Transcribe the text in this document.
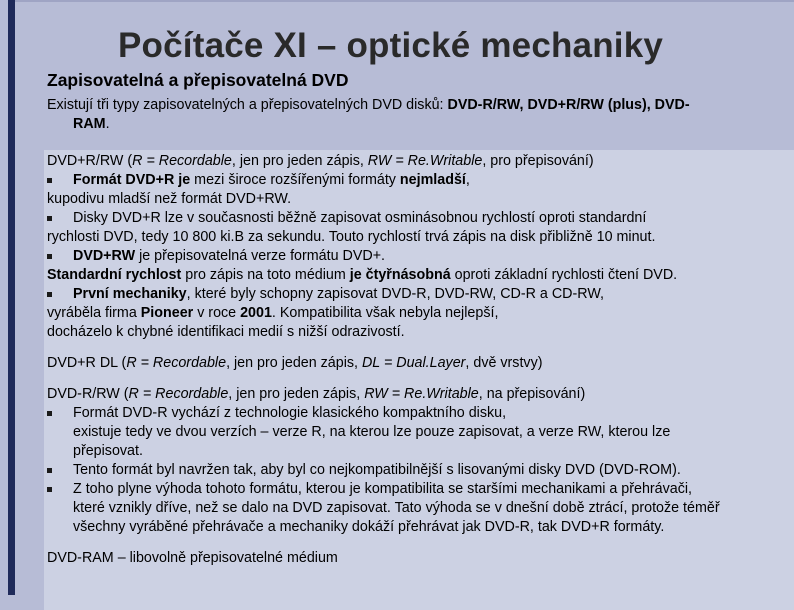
Počítače XI – optické mechaniky
Zapisovatelná a přepisovatelná DVD
Existují tři typy zapisovatelných a přepisovatelných DVD disků: DVD-R/RW, DVD+R/RW (plus), DVD-
RAM.
DVD+R/RW (R = Recordable, jen pro jeden zápis, RW = Re.Writable, pro přepisování)
Formát DVD+R je mezi široce rozšířenými formáty nejmladší,
kupodivu mladší než formát DVD+RW.
Disky DVD+R lze v současnosti běžně zapisovat osminásobnou rychlostí oproti standardní
rychlosti DVD, tedy 10 800 ki.B za sekundu. Touto rychlostí trvá zápis na disk přibližně 10 minut.
DVD+RW je přepisovatelná verze formátu DVD+.
Standardní rychlost pro zápis na toto médium je čtyřnásobná oproti základní rychlosti čtení DVD.
První mechaniky, které byly schopny zapisovat DVD-R, DVD-RW, CD-R a CD-RW,
vyráběla firma Pioneer v roce 2001. Kompatibilita však nebyla nejlepší,
docházelo k chybné identifikaci medií s nižší odrazivostí.
DVD+R DL (R = Recordable, jen pro jeden zápis, DL = Dual.Layer, dvě vrstvy)
DVD-R/RW (R = Recordable, jen pro jeden zápis, RW = Re.Writable, na přepisování)
Formát DVD-R vychází z technologie klasického kompaktního disku,
existuje tedy ve dvou verzích – verze R, na kterou lze pouze zapisovat, a verze RW, kterou lze
přepisovat.
Tento formát byl navržen tak, aby byl co nejkompatibilnější s lisovanými disky DVD (DVD-ROM).
Z toho plyne výhoda tohoto formátu, kterou je kompatibilita se staršími mechanikami a přehrávači,
které vznikly dříve, než se dalo na DVD zapisovat. Tato výhoda se v dnešní době ztrácí, protože téměř
všechny vyráběné přehrávače a mechaniky dokáží přehrávat jak DVD-R, tak DVD+R formáty.
DVD-RAM – libovolně přepisovatelné médium
